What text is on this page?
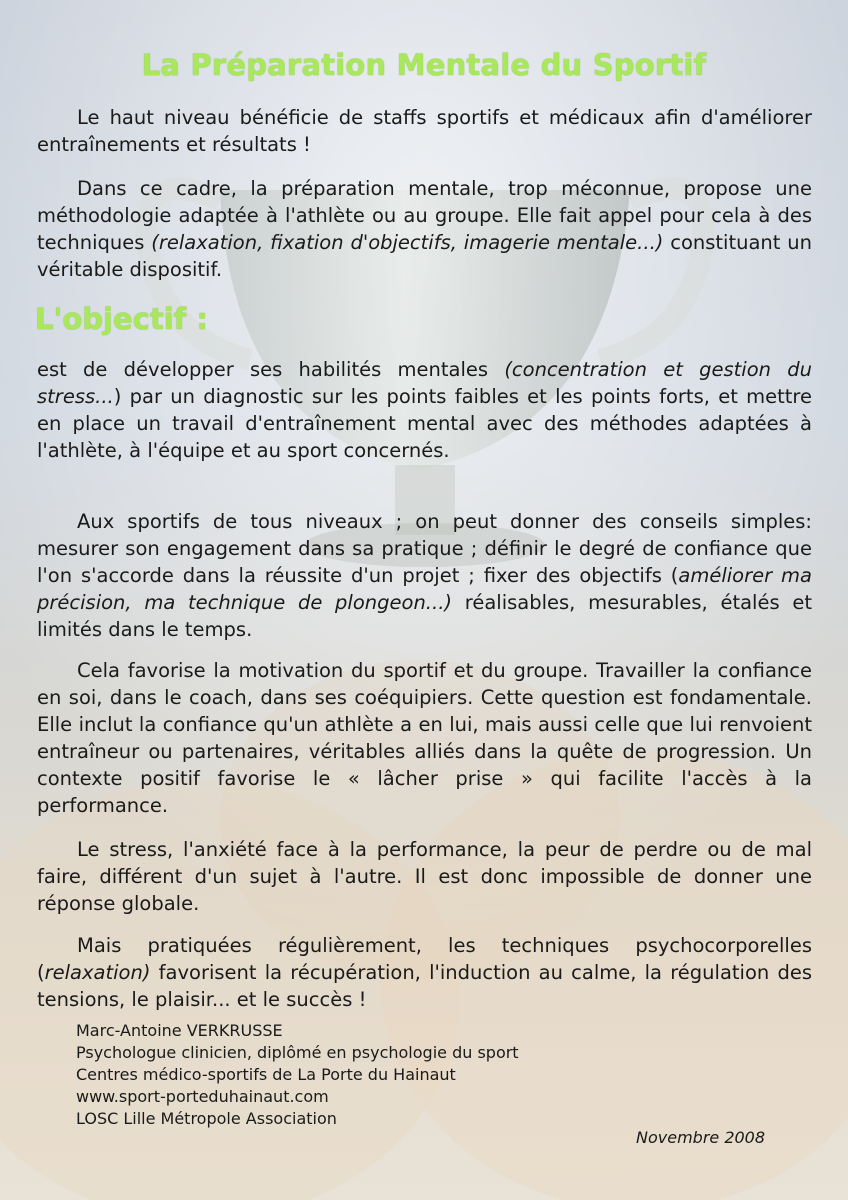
La Préparation Mentale du Sportif
Le haut niveau bénéficie de staffs sportifs et médicaux afin d'améliorer entraînements et résultats !
Dans ce cadre, la préparation mentale, trop méconnue, propose une méthodologie adaptée à l'athlète ou au groupe. Elle fait appel pour cela à des techniques (relaxation, fixation d'objectifs, imagerie mentale...) constituant un véritable dispositif.
L'objectif :
est de développer ses habilités mentales (concentration et gestion du stress...) par un diagnostic sur les points faibles et les points forts, et mettre en place un travail d'entraînement mental avec des méthodes adaptées à l'athlète, à l'équipe et au sport concernés.
Aux sportifs de tous niveaux ; on peut donner des conseils simples: mesurer son engagement dans sa pratique ; définir le degré de confiance que l'on s'accorde dans la réussite d'un projet ; fixer des objectifs (améliorer ma précision, ma technique de plongeon...) réalisables, mesurables, étalés et limités dans le temps.
Cela favorise la motivation du sportif et du groupe. Travailler la confiance en soi, dans le coach, dans ses coéquipiers. Cette question est fondamentale. Elle inclut la confiance qu'un athlète a en lui, mais aussi celle que lui renvoient entraîneur ou partenaires, véritables alliés dans la quête de progression. Un contexte positif favorise le « lâcher prise » qui facilite l'accès à la performance.
Le stress, l'anxiété face à la performance, la peur de perdre ou de mal faire, différent d'un sujet à l'autre. Il est donc impossible de donner une réponse globale.
Mais pratiquées régulièrement, les techniques psychocorporelles (relaxation) favorisent la récupération, l'induction au calme, la régulation des tensions, le plaisir... et le succès !
Marc-Antoine VERKRUSSE
Psychologue clinicien, diplômé en psychologie du sport
Centres médico-sportifs de La Porte du Hainaut
www.sport-porteduhainaut.com
LOSC Lille Métropole Association
Novembre 2008
